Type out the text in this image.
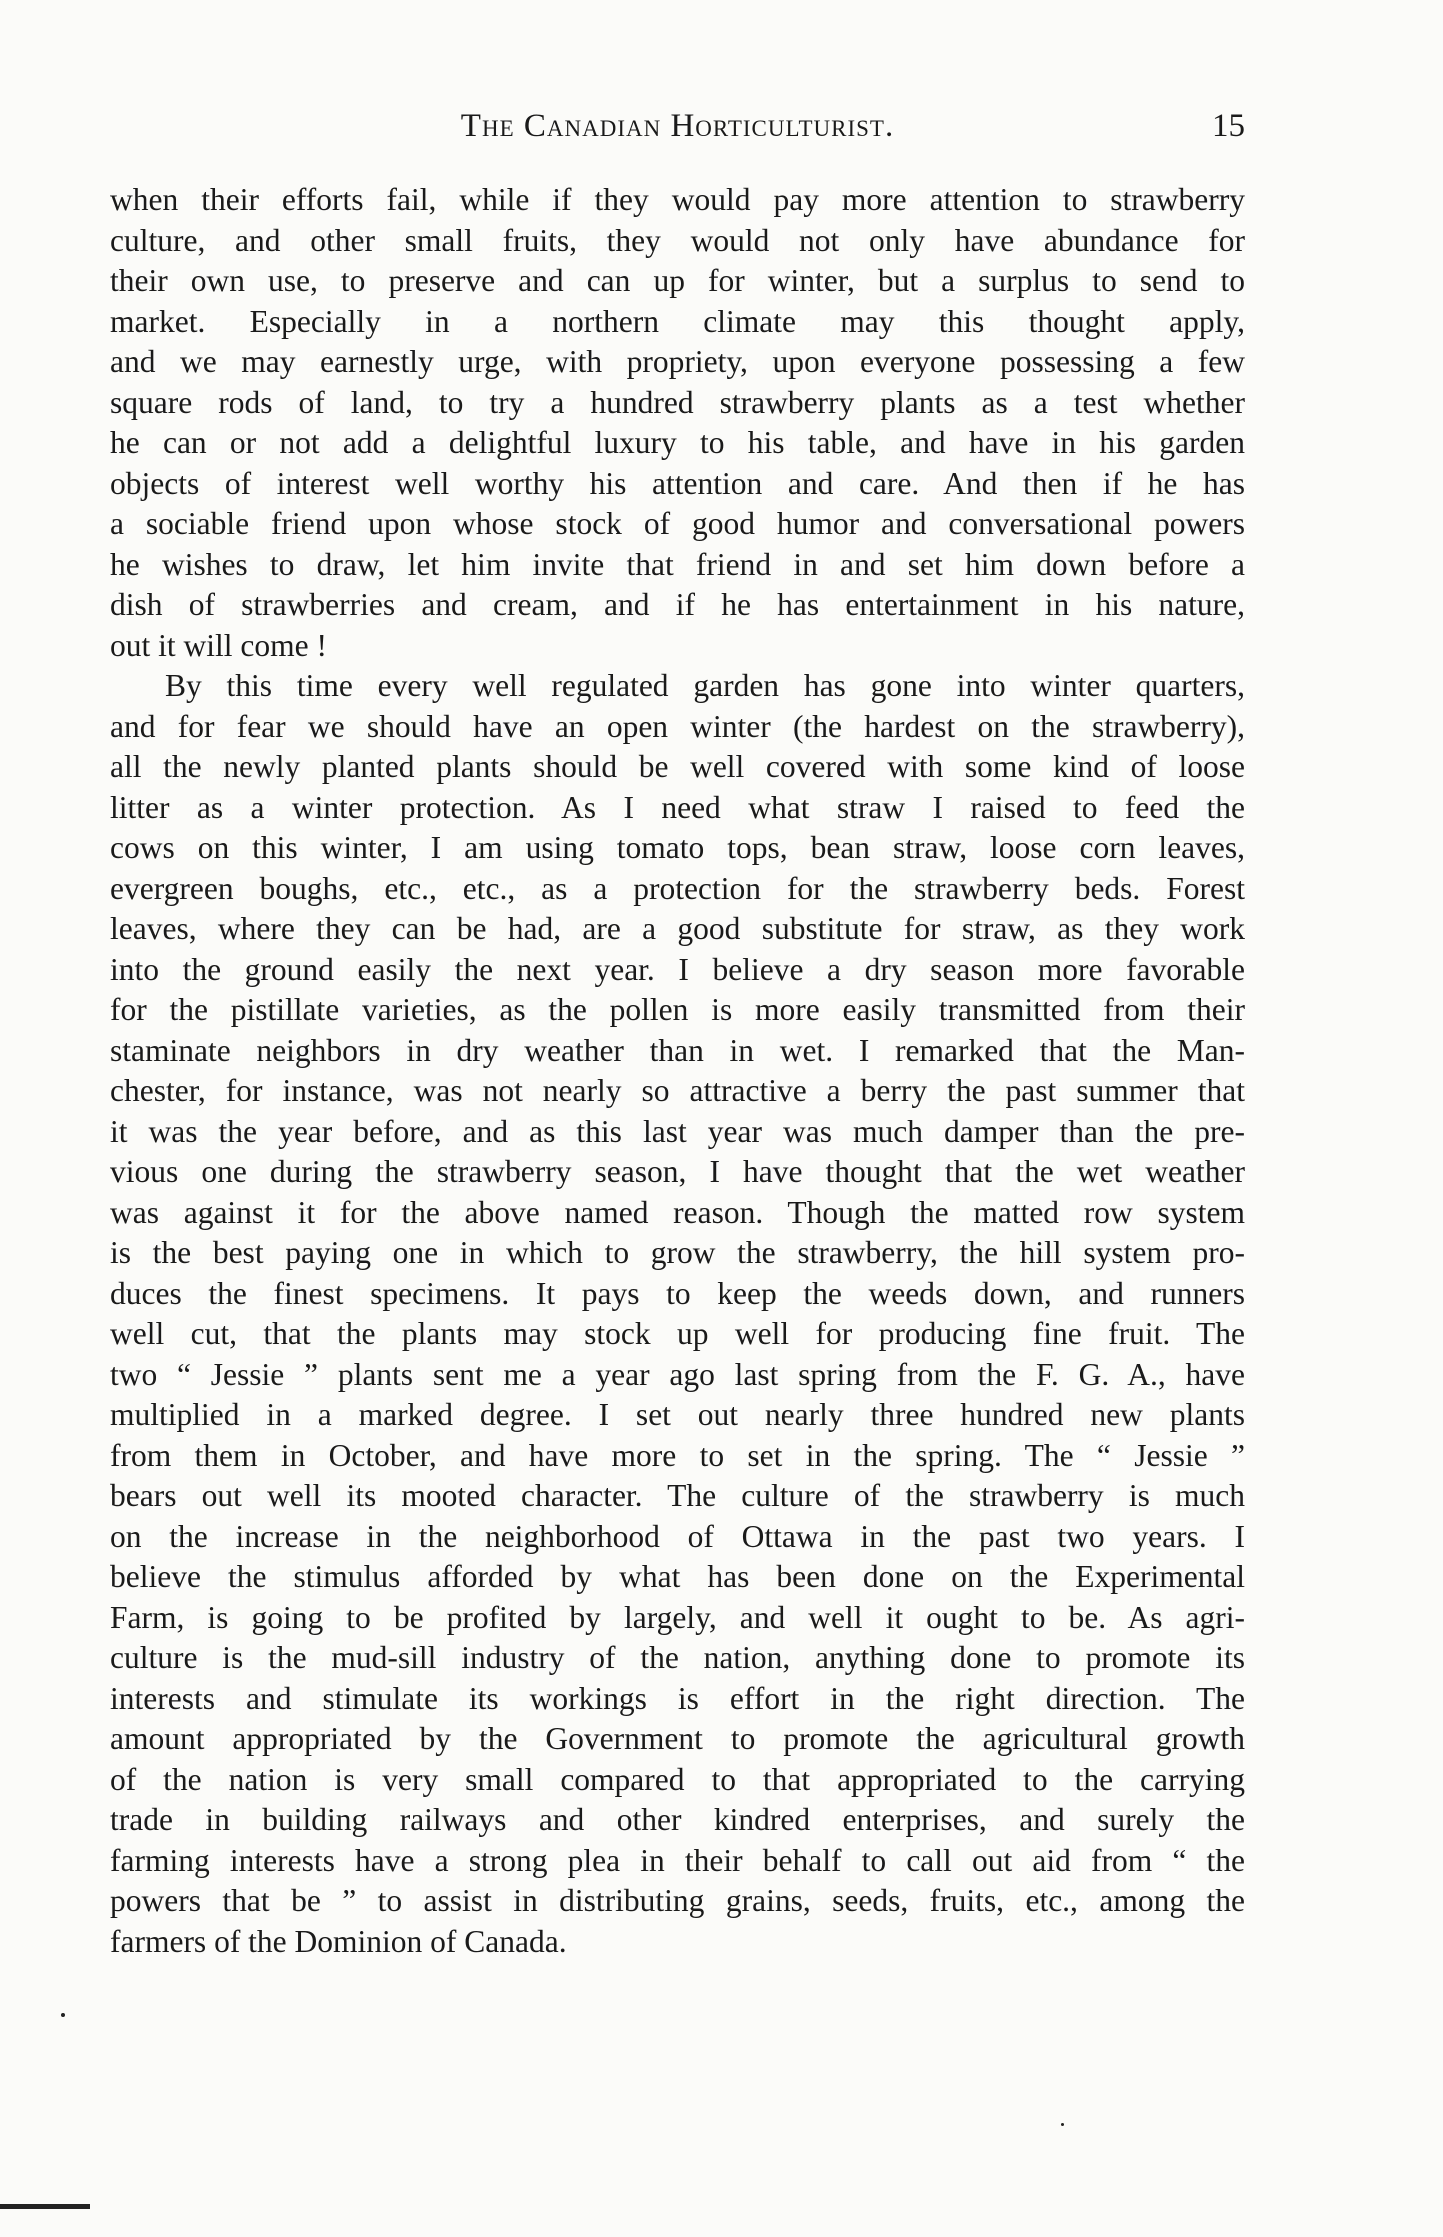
The Canadian Horticulturist.	15
when their efforts fail, while if they would pay more attention to strawberry
culture, and other small fruits, they would not only have abundance for
their own use, to preserve and can up for winter, but a surplus to send to
market. Especially in a northern climate may this thought apply,
and we may earnestly urge, with propriety, upon everyone possessing a few
square rods of land, to try a hundred strawberry plants as a test whether
he can or not add a delightful luxury to his table, and have in his garden
objects of interest well worthy his attention and care. And then if he has
a sociable friend upon whose stock of good humor and conversational powers
he wishes to draw, let him invite that friend in and set him down before a
dish of strawberries and cream, and if he has entertainment in his nature,
out it will come !
By this time every well regulated garden has gone into winter quarters,
and for fear we should have an open winter (the hardest on the strawberry),
all the newly planted plants should be well covered with some kind of loose
litter as a winter protection. As I need what straw I raised to feed the
cows on this winter, I am using tomato tops, bean straw, loose corn leaves,
evergreen boughs, etc., etc., as a protection for the strawberry beds. Forest
leaves, where they can be had, are a good substitute for straw, as they work
into the ground easily the next year. I believe a dry season more favorable
for the pistillate varieties, as the pollen is more easily transmitted from their
staminate neighbors in dry weather than in wet. I remarked that the Man-
chester, for instance, was not nearly so attractive a berry the past summer that
it was the year before, and as this last year was much damper than the pre-
vious one during the strawberry season, I have thought that the wet weather
was against it for the above named reason. Though the matted row system
is the best paying one in which to grow the strawberry, the hill system pro-
duces the finest specimens. It pays to keep the weeds down, and runners
well cut, that the plants may stock up well for producing fine fruit. The
two “ Jessie ” plants sent me a year ago last spring from the F. G. A., have
multiplied in a marked degree. I set out nearly three hundred new plants
from them in October, and have more to set in the spring. The “ Jessie ”
bears out well its mooted character. The culture of the strawberry is much
on the increase in the neighborhood of Ottawa in the past two years. I
believe the stimulus afforded by what has been done on the Experimental
Farm, is going to be profited by largely, and well it ought to be. As agri-
culture is the mud-sill industry of the nation, anything done to promote its
interests and stimulate its workings is effort in the right direction. The
amount appropriated by the Government to promote the agricultural growth
of the nation is very small compared to that appropriated to the carrying
trade in building railways and other kindred enterprises, and surely the
farming interests have a strong plea in their behalf to call out aid from “ the
powers that be ” to assist in distributing grains, seeds, fruits, etc., among the
farmers of the Dominion of Canada.
